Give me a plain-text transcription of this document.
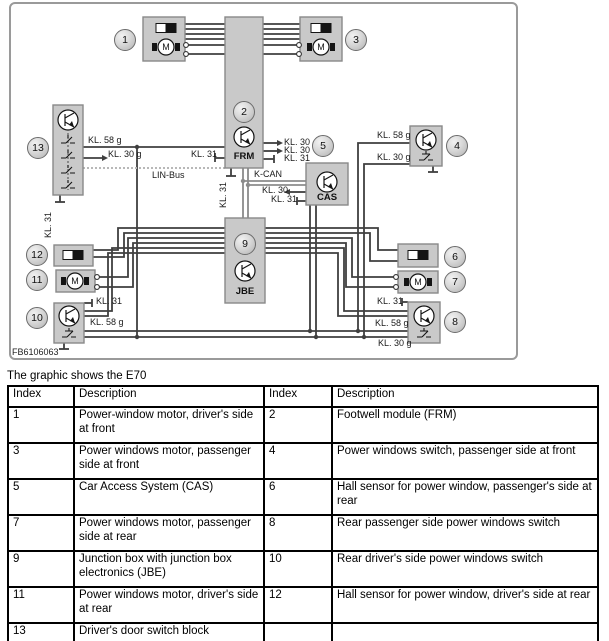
M	M
M	M
1
2
3
4
5
6
7
8
9
10
11
12
13
KL. 58 g
KL. 30 g	KL. 31
KL. 30
KL. 30
KL. 31
KL. 31
K-CAN
LIN-Bus
KL. 30
KL. 31
KL. 58 g
KL. 30 g
KL. 31
KL. 31
KL. 58 g
KL. 31
KL. 58 g
KL. 30 g
FRM
CAS
JBE
FB6106063
The graphic shows the E70
Index	Description	Index	Description
1	Power-window motor, driver's side at front	2	Footwell module (FRM)
3	Power windows motor, passenger side at front	4	Power windows switch, passenger side at front
5	Car Access System (CAS)	6	Hall sensor for power window, passenger's side at rear
7	Power windows motor, passenger side at rear	8	Rear passenger side power windows switch
9	Junction box with junction box electronics (JBE)	10	Rear driver's side power windows switch
11	Power windows motor, driver's side at rear	12	Hall sensor for power window, driver's side at rear
13	Driver's door switch block		
